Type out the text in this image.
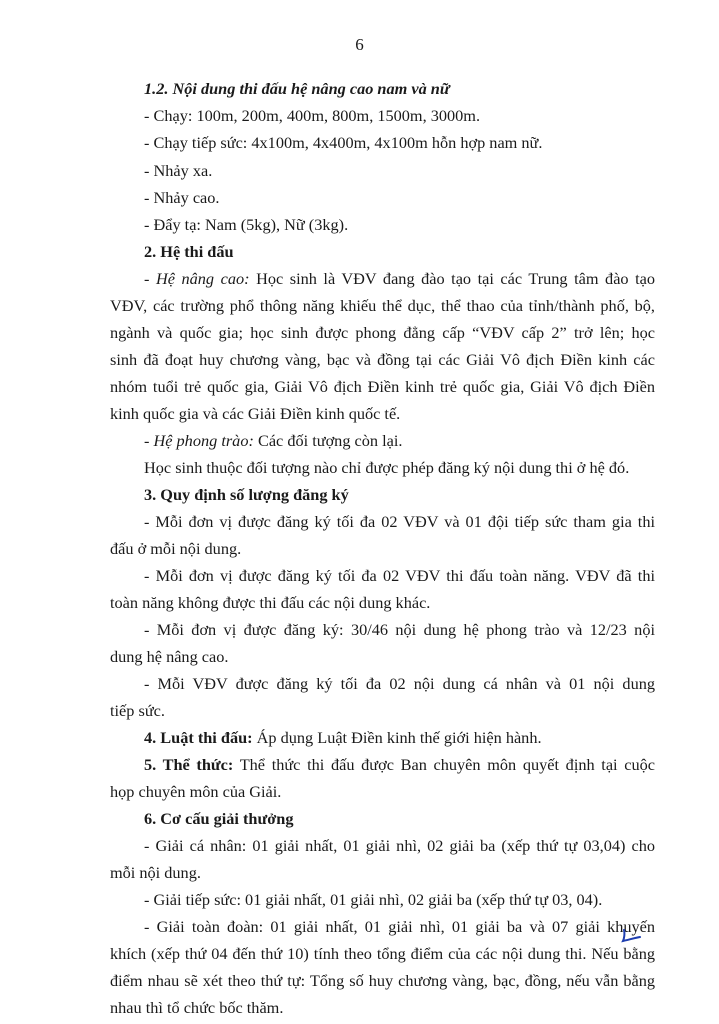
6
1.2. Nội dung thi đấu hệ nâng cao nam và nữ
- Chạy: 100m, 200m, 400m, 800m, 1500m, 3000m.
- Chạy tiếp sức: 4x100m, 4x400m, 4x100m hỗn hợp nam nữ.
- Nhảy xa.
- Nhảy cao.
- Đẩy tạ: Nam (5kg), Nữ (3kg).
2. Hệ thi đấu
- Hệ nâng cao: Học sinh là VĐV đang đào tạo tại các Trung tâm đào tạo
VĐV, các trường phổ thông năng khiếu thể dục, thể thao của tỉnh/thành phố, bộ,
ngành và quốc gia; học sinh được phong đẳng cấp “VĐV cấp 2” trở lên; học
sinh đã đoạt huy chương vàng, bạc và đồng tại các Giải Vô địch Điền kinh các
nhóm tuổi trẻ quốc gia, Giải Vô địch Điền kinh trẻ quốc gia, Giải Vô địch Điền
kinh quốc gia và các Giải Điền kinh quốc tế.
- Hệ phong trào: Các đối tượng còn lại.
Học sinh thuộc đối tượng nào chỉ được phép đăng ký nội dung thi ở hệ đó.
3. Quy định số lượng đăng ký
- Mỗi đơn vị được đăng ký tối đa 02 VĐV và 01 đội tiếp sức tham gia thi
đấu ở mỗi nội dung.
- Mỗi đơn vị được đăng ký tối đa 02 VĐV thi đấu toàn năng. VĐV đã thi
toàn năng không được thi đấu các nội dung khác.
- Mỗi đơn vị được đăng ký: 30/46 nội dung hệ phong trào và 12/23 nội
dung hệ nâng cao.
- Mỗi VĐV được đăng ký tối đa 02 nội dung cá nhân và 01 nội dung
tiếp sức.
4. Luật thi đấu: Áp dụng Luật Điền kinh thế giới hiện hành.
5. Thể thức: Thể thức thi đấu được Ban chuyên môn quyết định tại cuộc
họp chuyên môn của Giải.
6. Cơ cấu giải thưởng
- Giải cá nhân: 01 giải nhất, 01 giải nhì, 02 giải ba (xếp thứ tự 03,04) cho
mỗi nội dung.
- Giải tiếp sức: 01 giải nhất, 01 giải nhì, 02 giải ba (xếp thứ tự 03, 04).
- Giải toàn đoàn: 01 giải nhất, 01 giải nhì, 01 giải ba và 07 giải khuyến
khích (xếp thứ 04 đến thứ 10) tính theo tổng điểm của các nội dung thi. Nếu bằng
điểm nhau sẽ xét theo thứ tự: Tổng số huy chương vàng, bạc, đồng, nếu vẫn bằng
nhau thì tổ chức bốc thăm.
